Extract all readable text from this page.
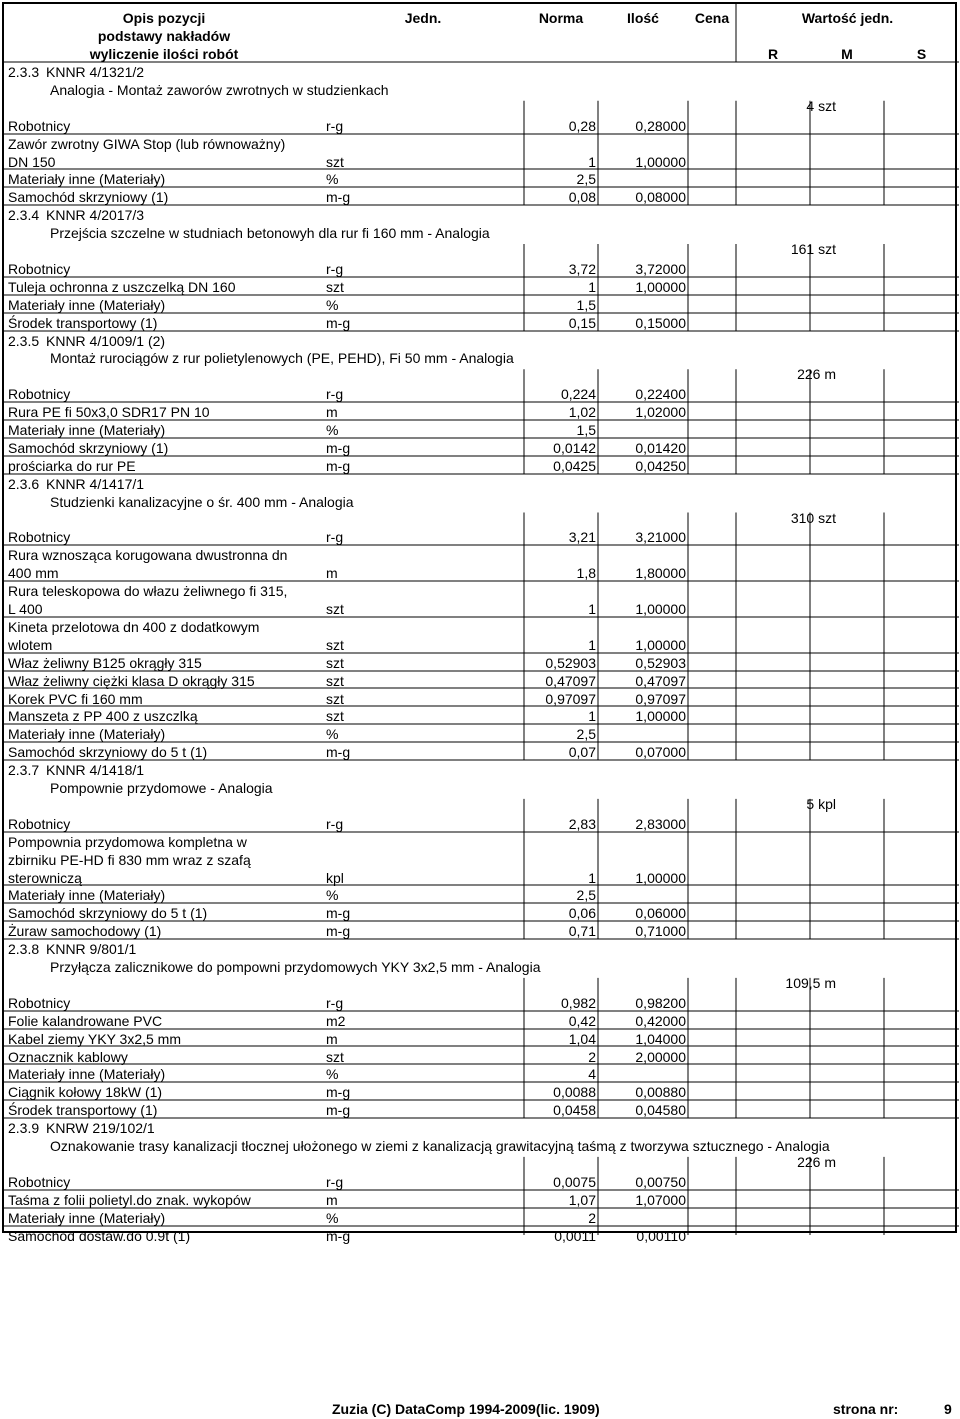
Opis pozycji
podstawy nakładów
wyliczenie ilości robót
Jedn.	Norma	Ilość	Cena	Wartość jedn.
R	M	S
2.3.3 KNNR 4/1321/2
Analogia - Montaż zaworów zwrotnych w studzienkach
4 szt
Robotnicy	r-g	0,28	0,28000
Zawór zwrotny GIWA Stop (lub równoważny)
DN 150	szt	1	1,00000
Materiały inne (Materiały)	%	2,5
Samochód skrzyniowy (1)	m-g	0,08	0,08000
2.3.4 KNNR 4/2017/3
Przejścia szczelne w studniach betonowyh dla rur fi 160 mm - Analogia
161 szt
Robotnicy	r-g	3,72	3,72000
Tuleja ochronna z uszczelką DN 160	szt	1	1,00000
Materiały inne (Materiały)	%	1,5
Środek transportowy (1)	m-g	0,15	0,15000
2.3.5 KNNR 4/1009/1 (2)
Montaż rurociągów z rur polietylenowych (PE, PEHD), Fi 50 mm - Analogia
226 m
Robotnicy	r-g	0,224	0,22400
Rura PE fi 50x3,0 SDR17 PN 10	m	1,02	1,02000
Materiały inne (Materiały)	%	1,5
Samochód skrzyniowy (1)	m-g	0,0142	0,01420
prościarka do rur PE	m-g	0,0425	0,04250
2.3.6 KNNR 4/1417/1
Studzienki kanalizacyjne o śr. 400 mm - Analogia
310 szt
Robotnicy	r-g	3,21	3,21000
Rura wznosząca korugowana dwustronna dn
400 mm	m	1,8	1,80000
Rura teleskopowa do włazu żeliwnego fi 315,
L 400	szt	1	1,00000
Kineta przelotowa dn 400 z dodatkowym
wlotem	szt	1	1,00000
Właz żeliwny B125 okrągły 315	szt	0,52903	0,52903
Właz żeliwny ciężki klasa D okrągły 315	szt	0,47097	0,47097
Korek PVC fi 160 mm	szt	0,97097	0,97097
Manszeta z PP 400 z uszczlką	szt	1	1,00000
Materiały inne (Materiały)	%	2,5
Samochód skrzyniowy do 5 t (1)	m-g	0,07	0,07000
2.3.7 KNNR 4/1418/1
Pompownie przydomowe - Analogia
5 kpl
Robotnicy	r-g	2,83	2,83000
Pompownia przydomowa kompletna w
zbirniku PE-HD fi 830 mm wraz z szafą
sterowniczą	kpl	1	1,00000
Materiały inne (Materiały)	%	2,5
Samochód skrzyniowy do 5 t (1)	m-g	0,06	0,06000
Żuraw samochodowy (1)	m-g	0,71	0,71000
2.3.8 KNNR 9/801/1
Przyłącza zalicznikowe do pompowni przydomowych YKY 3x2,5 mm - Analogia
109,5 m
Robotnicy	r-g	0,982	0,98200
Folie kalandrowane PVC	m2	0,42	0,42000
Kabel ziemy YKY 3x2,5 mm	m	1,04	1,04000
Oznacznik kablowy	szt	2	2,00000
Materiały inne (Materiały)	%	4
Ciągnik kołowy 18kW (1)	m-g	0,0088	0,00880
Środek transportowy (1)	m-g	0,0458	0,04580
2.3.9 KNRW 219/102/1
Oznakowanie trasy kanalizacji tłocznej ułożonego w ziemi z kanalizacją grawitacyjną taśmą z tworzywa sztucznego - Analogia
226 m
Robotnicy	r-g	0,0075	0,00750
Taśma z folii polietyl.do znak. wykopów	m	1,07	1,07000
Materiały inne (Materiały)	%	2
Samochód dostaw.do 0.9t (1)	m-g	0,0011	0,00110
Zuzia (C) DataComp 1994-2009(lic. 1909)	strona nr:	9
